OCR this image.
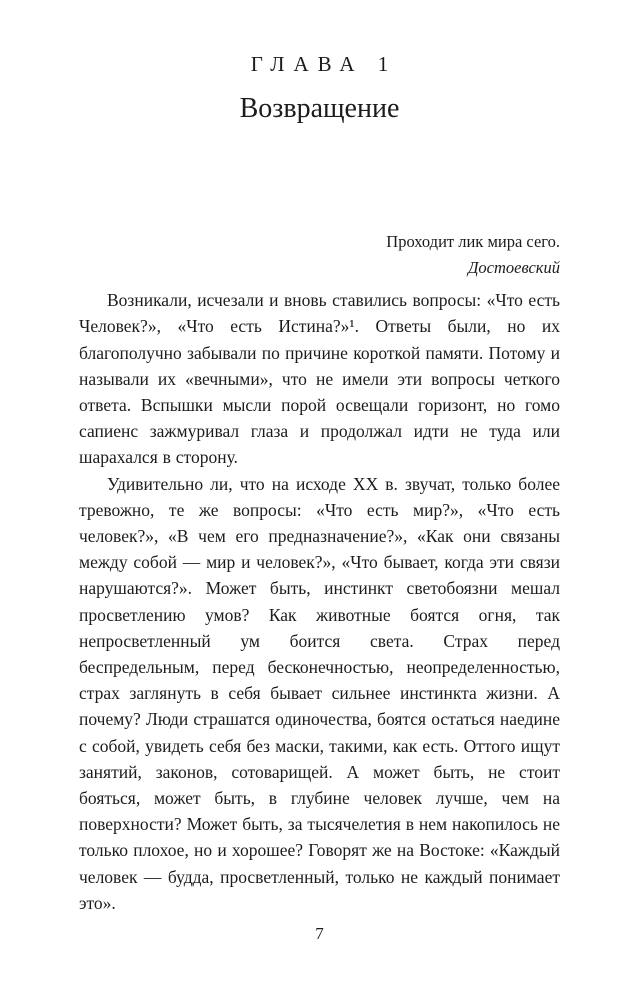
ГЛАВА 1
Возвращение
Проходит лик мира сего.
Достоевский

Возникали, исчезали и вновь ставились вопросы: «Что есть Человек?», «Что есть Истина?»¹. Ответы были, но их благополучно забывали по причине короткой памяти. Потому и называли их «вечными», что не имели эти вопросы четкого ответа. Вспышки мысли порой освещали горизонт, но гомо сапиенс зажмуривал глаза и продолжал идти не туда или шарахался в сторону.

Удивительно ли, что на исходе XX в. звучат, только более тревожно, те же вопросы: «Что есть мир?», «Что есть человек?», «В чем его предназначение?», «Как они связаны между собой — мир и человек?», «Что бывает, когда эти связи нарушаются?». Может быть, инстинкт светобоязни мешал просветлению умов? Как животные боятся огня, так непросветленный ум боится света. Страх перед беспредельным, перед бесконечностью, неопределенностью, страх заглянуть в себя бывает сильнее инстинкта жизни. А почему? Люди страшатся одиночества, боятся остаться наедине с собой, увидеть себя без маски, такими, как есть. Оттого ищут занятий, законов, сотоварищей. А может быть, не стоит бояться, может быть, в глубине человек лучше, чем на поверхности? Может быть, за тысячелетия в нем накопилось не только плохое, но и хорошее? Говорят же на Востоке: «Каждый человек — будда, просветленный, только не каждый понимает это».

7
